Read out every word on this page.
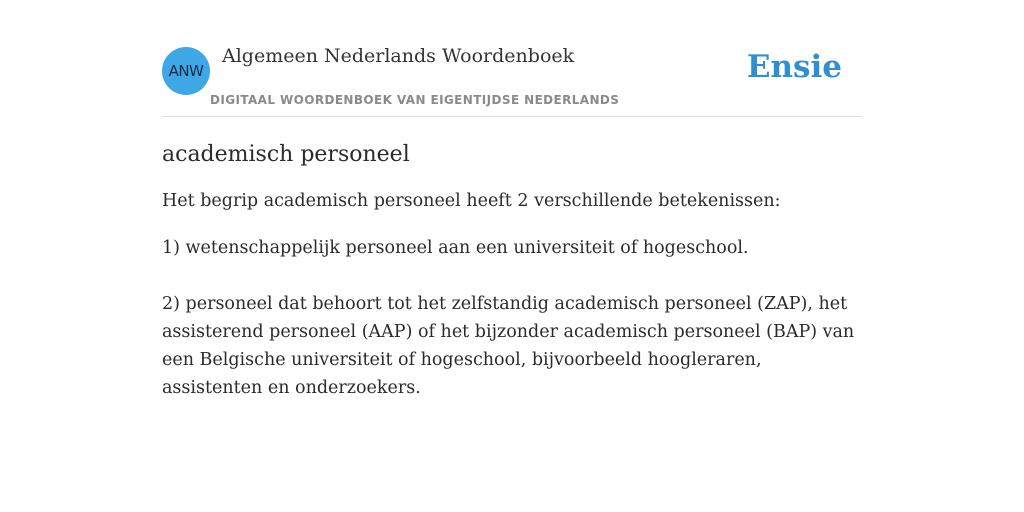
ANW
Algemeen Nederlands Woordenboek
DIGITAAL WOORDENBOEK VAN EIGENTIJDSE NEDERLANDS
Ensie
academisch personeel

Het begrip academisch personeel heeft 2 verschillende betekenissen:

1) wetenschappelijk personeel aan een universiteit of hogeschool.
2) personeel dat behoort tot het zelfstandig academisch personeel (ZAP), het assisterend personeel (AAP) of het bijzonder academisch personeel (BAP) van een Belgische universiteit of hogeschool, bijvoorbeeld hoogleraren, assistenten en onderzoekers.
